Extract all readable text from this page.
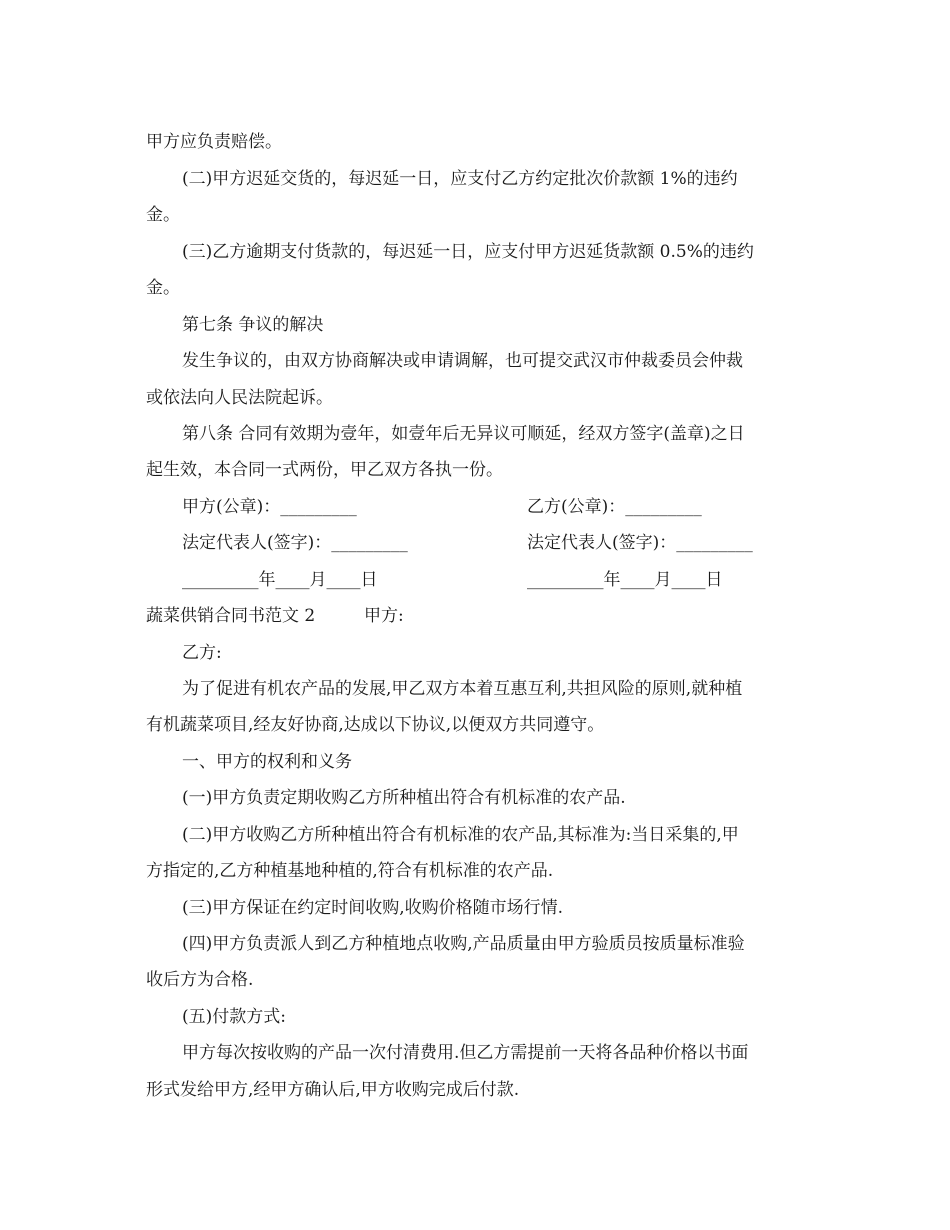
甲方应负责赔偿。
(二)甲方迟延交货的，每迟延一日，应支付乙方约定批次价款额 1%的违约
金。
(三)乙方逾期支付货款的，每迟延一日，应支付甲方迟延货款额 0.5%的违约
金。
第七条 争议的解决
发生争议的，由双方协商解决或申请调解，也可提交武汉市仲裁委员会仲裁
或依法向人民法院起诉。
第八条 合同有效期为壹年，如壹年后无异议可顺延，经双方签字(盖章)之日
起生效，本合同一式两份，甲乙双方各执一份。
甲方(公章)：_________	乙方(公章)：_________
法定代表人(签字)：_________	法定代表人(签字)：_________
_________年____月____日	_________年____月____日
蔬菜供销合同书范文 2	甲方:
乙方:
为了促进有机农产品的发展,甲乙双方本着互惠互利,共担风险的原则,就种植
有机蔬菜项目,经友好协商,达成以下协议,以便双方共同遵守。
一、甲方的权利和义务
(一)甲方负责定期收购乙方所种植出符合有机标准的农产品.
(二)甲方收购乙方所种植出符合有机标准的农产品,其标准为:当日采集的,甲
方指定的,乙方种植基地种植的,符合有机标准的农产品.
(三)甲方保证在约定时间收购,收购价格随市场行情.
(四)甲方负责派人到乙方种植地点收购,产品质量由甲方验质员按质量标准验
收后方为合格.
(五)付款方式:
甲方每次按收购的产品一次付清费用.但乙方需提前一天将各品种价格以书面
形式发给甲方,经甲方确认后,甲方收购完成后付款.
